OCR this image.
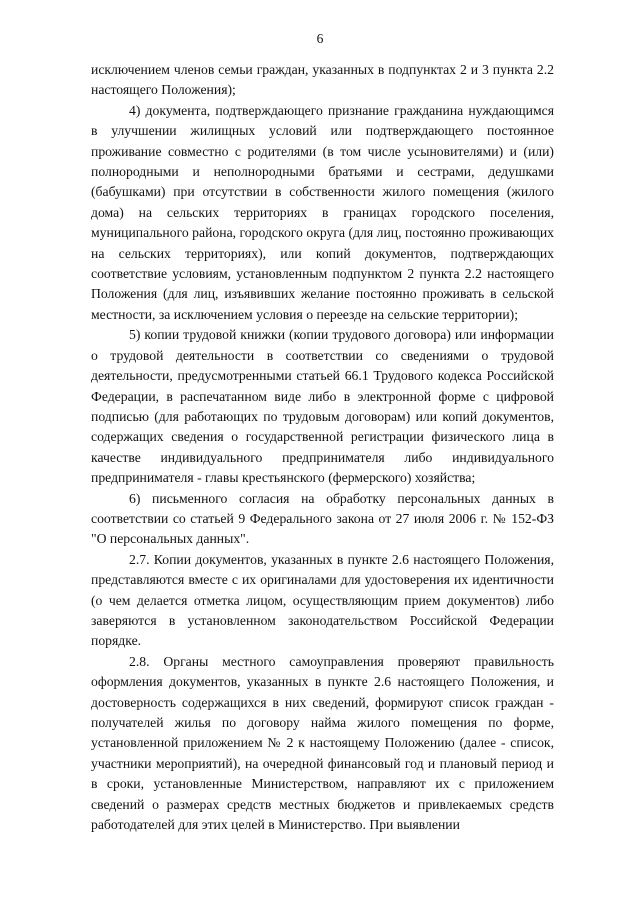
6

исключением членов семьи граждан, указанных в подпунктах 2 и 3 пункта 2.2 настоящего Положения);

4) документа, подтверждающего признание гражданина нуждающимся в улучшении жилищных условий или подтверждающего постоянное проживание совместно с родителями (в том числе усыновителями) и (или) полнородными и неполнородными братьями и сестрами, дедушками (бабушками) при отсутствии в собственности жилого помещения (жилого дома) на сельских территориях в границах городского поселения, муниципального района, городского округа (для лиц, постоянно проживающих на сельских территориях), или копий документов, подтверждающих соответствие условиям, установленным подпунктом 2 пункта 2.2 настоящего Положения (для лиц, изъявивших желание постоянно проживать в сельской местности, за исключением условия о переезде на сельские территории);

5) копии трудовой книжки (копии трудового договора) или информации о трудовой деятельности в соответствии со сведениями о трудовой деятельности, предусмотренными статьей 66.1 Трудового кодекса Российской Федерации, в распечатанном виде либо в электронной форме с цифровой подписью (для работающих по трудовым договорам) или копий документов, содержащих сведения о государственной регистрации физического лица в качестве индивидуального предпринимателя либо индивидуального предпринимателя - главы крестьянского (фермерского) хозяйства;

6) письменного согласия на обработку персональных данных в соответствии со статьей 9 Федерального закона от 27 июля 2006 г. № 152-ФЗ "О персональных данных".

2.7. Копии документов, указанных в пункте 2.6 настоящего Положения, представляются вместе с их оригиналами для удостоверения их идентичности (о чем делается отметка лицом, осуществляющим прием документов) либо заверяются в установленном законодательством Российской Федерации порядке.

2.8. Органы местного самоуправления проверяют правильность оформления документов, указанных в пункте 2.6 настоящего Положения, и достоверность содержащихся в них сведений, формируют список граждан - получателей жилья по договору найма жилого помещения по форме, установленной приложением № 2 к настоящему Положению (далее - список, участники мероприятий), на очередной финансовый год и плановый период и в сроки, установленные Министерством, направляют их с приложением сведений о размерах средств местных бюджетов и привлекаемых средств работодателей для этих целей в Министерство. При выявлении
